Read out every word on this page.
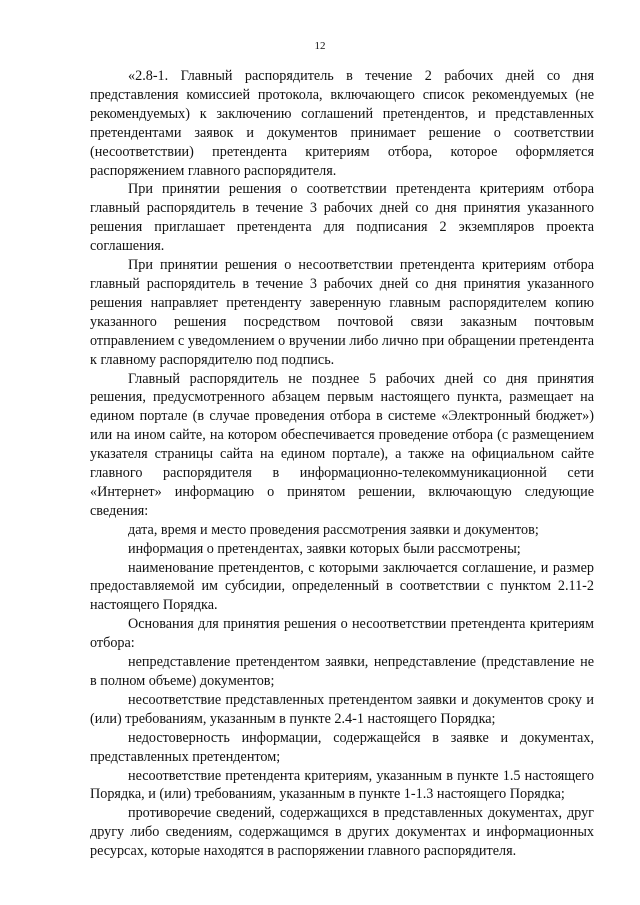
12

«2.8-1. Главный распорядитель в течение 2 рабочих дней со дня представления комиссией протокола, включающего список рекомендуемых (не рекомендуемых) к заключению соглашений претендентов, и представленных претендентами заявок и документов принимает решение о соответствии (несоответствии) претендента критериям отбора, которое оформляется распоряжением главного распорядителя.

При принятии решения о соответствии претендента критериям отбора главный распорядитель в течение 3 рабочих дней со дня принятия указанного решения приглашает претендента для подписания 2 экземпляров проекта соглашения.

При принятии решения о несоответствии претендента критериям отбора главный распорядитель в течение 3 рабочих дней со дня принятия указанного решения направляет претенденту заверенную главным распорядителем копию указанного решения посредством почтовой связи заказным почтовым отправлением с уведомлением о вручении либо лично при обращении претендента к главному распорядителю под подпись.

Главный распорядитель не позднее 5 рабочих дней со дня принятия решения, предусмотренного абзацем первым настоящего пункта, размещает на едином портале (в случае проведения отбора в системе «Электронный бюджет») или на ином сайте, на котором обеспечивается проведение отбора (с размещением указателя страницы сайта на едином портале), а также на официальном сайте главного распорядителя в информационно-телекоммуникационной сети «Интернет» информацию о принятом решении, включающую следующие сведения:

дата, время и место проведения рассмотрения заявки и документов;

информация о претендентах, заявки которых были рассмотрены;

наименование претендентов, с которыми заключается соглашение, и размер предоставляемой им субсидии, определенный в соответствии с пунктом 2.11-2 настоящего Порядка.

Основания для принятия решения о несоответствии претендента критериям отбора:

непредставление претендентом заявки, непредставление (представление не в полном объеме) документов;

несоответствие представленных претендентом заявки и документов сроку и (или) требованиям, указанным в пункте 2.4-1 настоящего Порядка;

недостоверность информации, содержащейся в заявке и документах, представленных претендентом;

несоответствие претендента критериям, указанным в пункте 1.5 настоящего Порядка, и (или) требованиям, указанным в пункте 1-1.3 настоящего Порядка;

противоречие сведений, содержащихся в представленных документах, друг другу либо сведениям, содержащимся в других документах и информационных ресурсах, которые находятся в распоряжении главного распорядителя.
